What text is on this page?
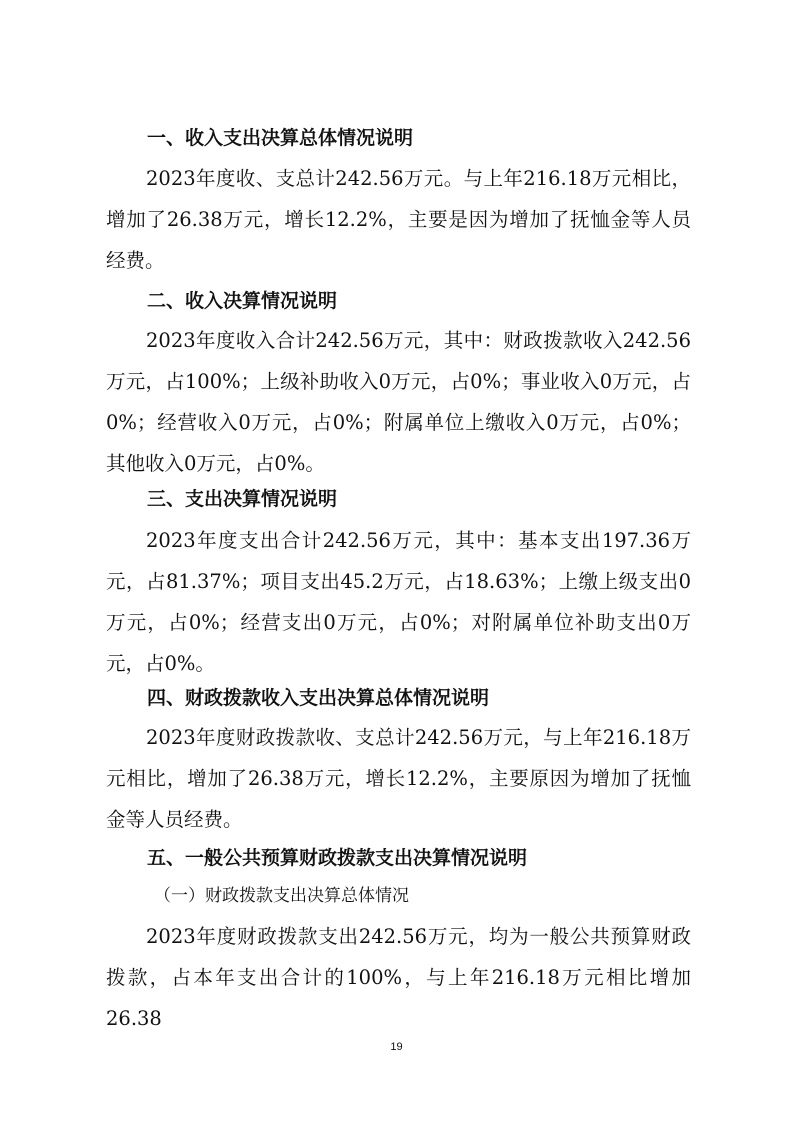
一、收入支出决算总体情况说明
2023年度收、支总计242.56万元。与上年216.18万元相比，增加了26.38万元，增长12.2%，主要是因为增加了抚恤金等人员经费。
二、收入决算情况说明
2023年度收入合计242.56万元，其中：财政拨款收入242.56万元，占100%；上级补助收入0万元，占0%；事业收入0万元，占0%；经营收入0万元，占0%；附属单位上缴收入0万元，占0%；其他收入0万元，占0%。
三、支出决算情况说明
2023年度支出合计242.56万元，其中：基本支出197.36万元，占81.37%；项目支出45.2万元，占18.63%；上缴上级支出0万元，占0%；经营支出0万元，占0%；对附属单位补助支出0万元，占0%。
四、财政拨款收入支出决算总体情况说明
2023年度财政拨款收、支总计242.56万元，与上年216.18万元相比，增加了26.38万元，增长12.2%，主要原因为增加了抚恤金等人员经费。
五、一般公共预算财政拨款支出决算情况说明
（一）财政拨款支出决算总体情况
2023年度财政拨款支出242.56万元，均为一般公共预算财政拨款，占本年支出合计的100%，与上年216.18万元相比增加26.38
19
